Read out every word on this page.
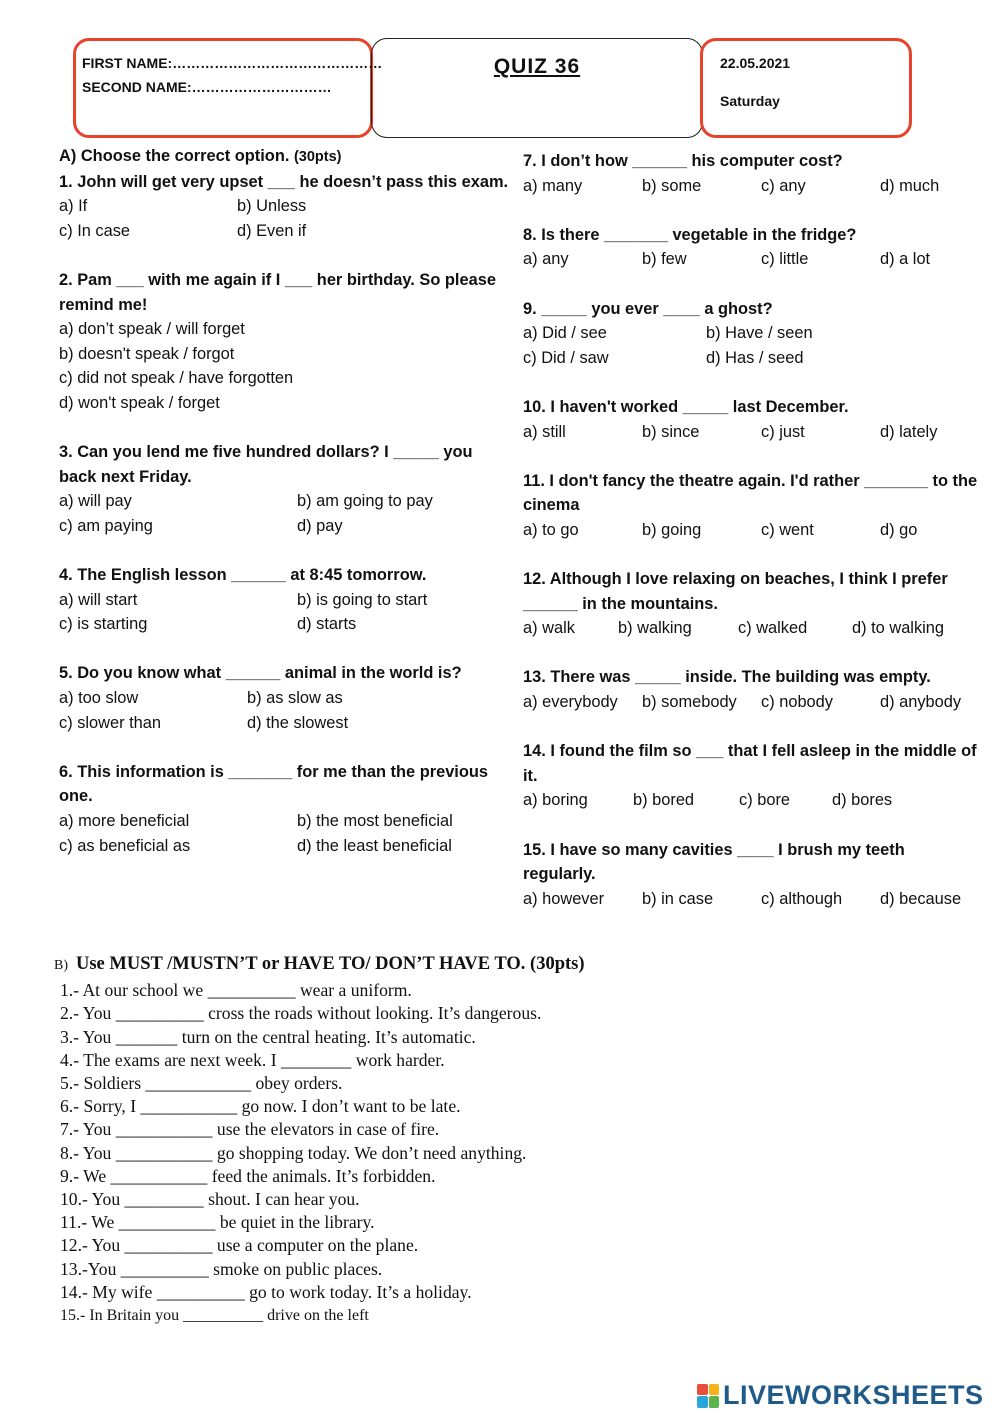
FIRST NAME:………………………………………
SECOND NAME:…………………………
QUIZ 36	22.05.2021
Saturday
A) Choose the correct option. (30pts)
1. John will get very upset ___ he doesn’t pass this exam.
a) If	b) Unless
c) In case	d) Even if
2. Pam ___ with me again if I ___ her birthday. So please remind me!
a) don’t speak / will forget
b) doesn't speak / forgot
c) did not speak / have forgotten
d) won't speak / forget
3. Can you lend me five hundred dollars? I _____ you back next Friday.
a) will pay	b) am going to pay
c) am paying	d) pay
4. The English lesson ______ at 8:45 tomorrow.
a) will start	b) is going to start
c) is starting	d) starts
5. Do you know what ______ animal in the world is?
a) too slow	b) as slow as
c) slower than	d) the slowest
6. This information is _______ for me than the previous one.
a) more beneficial	b) the most beneficial
c) as beneficial as	d) the least beneficial
7. I don’t how ______ his computer cost?
a) many	b) some	c) any	d) much
8. Is there _______ vegetable in the fridge?
a) any	b) few	c) little	d) a lot
9. _____ you ever ____ a ghost?
a) Did / see	b) Have / seen
c) Did / saw	d) Has / seed
10. I haven't worked _____ last December.
a) still	b) since	c) just	d) lately
11. I don't fancy the theatre again. I'd rather _______ to the cinema
a) to go	b) going	c) went	d) go
12. Although I love relaxing on beaches, I think I prefer ______ in the mountains.
a) walk	b) walking	c) walked	d) to walking
13. There was _____ inside. The building was empty.
a) everybody	b) somebody	c) nobody	d) anybody
14. I found the film so ___ that I fell asleep in the middle of it.
a) boring	b) bored	c) bore	d) bores
15. I have so many cavities ____ I brush my teeth regularly.
a) however	b) in case	c) although	d) because
B) Use MUST /MUSTN’T or HAVE TO/ DON’T HAVE TO. (30pts)
1.- At our school we __________ wear a uniform.
2.- You __________ cross the roads without looking. It’s dangerous.
3.- You _______ turn on the central heating. It’s automatic.
4.- The exams are next week. I ________ work harder.
5.- Soldiers ____________ obey orders.
6.- Sorry, I ___________ go now. I don’t want to be late.
7.- You ___________ use the elevators in case of fire.
8.- You ___________ go shopping today. We don’t need anything.
9.- We ___________ feed the animals. It’s forbidden.
10.- You _________ shout. I can hear you.
11.- We ___________ be quiet in the library.
12.- You __________ use a computer on the plane.
13.-You __________ smoke on public places.
14.- My wife __________ go to work today. It’s a holiday.
15.- In Britain you __________ drive on the left
LIVEWORKSHEETS
